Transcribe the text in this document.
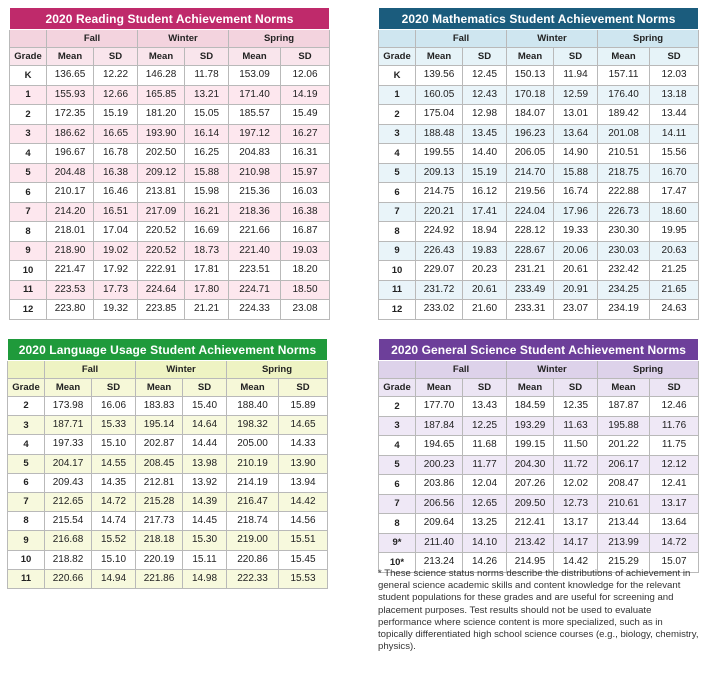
2020 Reading Student Achievement Norms						
	Fall		Winter		Spring	
Grade	Mean	SD	Mean	SD	Mean	SD
K	136.65	12.22	146.28	11.78	153.09	12.06
1	155.93	12.66	165.85	13.21	171.40	14.19
2	172.35	15.19	181.20	15.05	185.57	15.49
3	186.62	16.65	193.90	16.14	197.12	16.27
4	196.67	16.78	202.50	16.25	204.83	16.31
5	204.48	16.38	209.12	15.88	210.98	15.97
6	210.17	16.46	213.81	15.98	215.36	16.03
7	214.20	16.51	217.09	16.21	218.36	16.38
8	218.01	17.04	220.52	16.69	221.66	16.87
9	218.90	19.02	220.52	18.73	221.40	19.03
10	221.47	17.92	222.91	17.81	223.51	18.20
11	223.53	17.73	224.64	17.80	224.71	18.50
12	223.80	19.32	223.85	21.21	224.33	23.08
2020 Mathematics Student Achievement Norms						
	Fall		Winter		Spring	
Grade	Mean	SD	Mean	SD	Mean	SD
K	139.56	12.45	150.13	11.94	157.11	12.03
1	160.05	12.43	170.18	12.59	176.40	13.18
2	175.04	12.98	184.07	13.01	189.42	13.44
3	188.48	13.45	196.23	13.64	201.08	14.11
4	199.55	14.40	206.05	14.90	210.51	15.56
5	209.13	15.19	214.70	15.88	218.75	16.70
6	214.75	16.12	219.56	16.74	222.88	17.47
7	220.21	17.41	224.04	17.96	226.73	18.60
8	224.92	18.94	228.12	19.33	230.30	19.95
9	226.43	19.83	228.67	20.06	230.03	20.63
10	229.07	20.23	231.21	20.61	232.42	21.25
11	231.72	20.61	233.49	20.91	234.25	21.65
12	233.02	21.60	233.31	23.07	234.19	24.63
2020 Language Usage Student Achievement Norms						
	Fall		Winter		Spring	
Grade	Mean	SD	Mean	SD	Mean	SD
2	173.98	16.06	183.83	15.40	188.40	15.89
3	187.71	15.33	195.14	14.64	198.32	14.65
4	197.33	15.10	202.87	14.44	205.00	14.33
5	204.17	14.55	208.45	13.98	210.19	13.90
6	209.43	14.35	212.81	13.92	214.19	13.94
7	212.65	14.72	215.28	14.39	216.47	14.42
8	215.54	14.74	217.73	14.45	218.74	14.56
9	216.68	15.52	218.18	15.30	219.00	15.51
10	218.82	15.10	220.19	15.11	220.86	15.45
11	220.66	14.94	221.86	14.98	222.33	15.53
2020 General Science Student Achievement Norms						
	Fall		Winter		Spring	
Grade	Mean	SD	Mean	SD	Mean	SD
2	177.70	13.43	184.59	12.35	187.87	12.46
3	187.84	12.25	193.29	11.63	195.88	11.76
4	194.65	11.68	199.15	11.50	201.22	11.75
5	200.23	11.77	204.30	11.72	206.17	12.12
6	203.86	12.04	207.26	12.02	208.47	12.41
7	206.56	12.65	209.50	12.73	210.61	13.17
8	209.64	13.25	212.41	13.17	213.44	13.64
9*	211.40	14.10	213.42	14.17	213.99	14.72
10*	213.24	14.26	214.95	14.42	215.29	15.07

* These science status norms describe the distributions of achievement in general science academic skills and content knowledge for the relevant student populations for these grades and are useful for screening and placement purposes. Test results should not be used to evaluate performance where science content is more specialized, such as in topically differentiated high school science courses (e.g., biology, chemistry, physics).
